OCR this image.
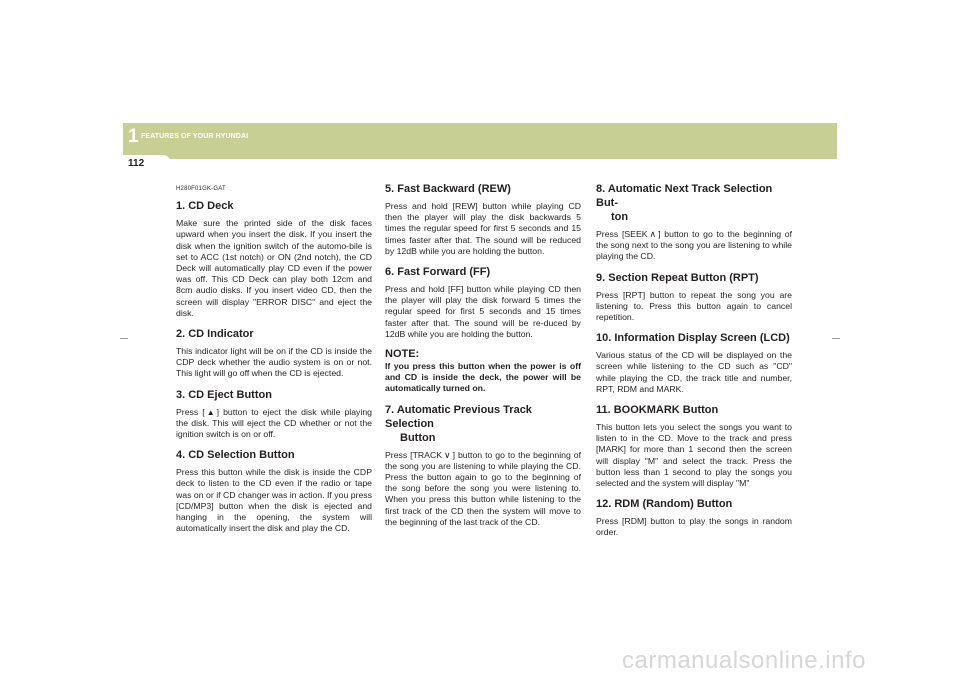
1 FEATURES OF YOUR HYUNDAI
112
H280F01GK-GAT
1. CD Deck

Make sure the printed side of the disk faces upward when you insert the disk. If you insert the disk when the ignition switch of the automo-bile is set to ACC (1st notch) or ON (2nd notch), the CD Deck will automatically play CD even if the power was off. This CD Deck can play both 12cm and 8cm audio disks. If you insert video CD, then the screen will display "ERROR DISC" and eject the disk.

2. CD Indicator

This indicator light will be on if the CD is inside the CDP deck whether the audio system is on or not. This light will go off when the CD is ejected.

3. CD Eject Button

Press [ ▲ ] button to eject the disk while playing the disk. This will eject the CD whether or not the ignition switch is on or off.

4. CD Selection Button

Press this button while the disk is inside the CDP deck to listen to the CD even if the radio or tape was on or if CD changer was in action. If you press [CD/MP3] button when the disk is ejected and hanging in the opening, the system will automatically insert the disk and play the CD.

5. Fast Backward (REW)

Press and hold [REW] button while playing CD then the player will play the disk backwards 5 times the regular speed for first 5 seconds and 15 times faster after that. The sound will be reduced by 12dB while you are holding the button.

6. Fast Forward (FF)

Press and hold [FF] button while playing CD then the player will play the disk forward 5 times the regular speed for first 5 seconds and 15 times faster after that. The sound will be re-duced by 12dB while you are holding the button.

NOTE:

If you press this button when the power is off and CD is inside the deck, the power will be automatically turned on.

7. Automatic Previous Track Selection
Button

Press [TRACK ∨ ] button to go to the beginning of the song you are listening to while playing the CD. Press the button again to go to the beginning of the song before the song you were listening to. When you press this button while listening to the first track of the CD then the system will move to the beginning of the last track of the CD.

8. Automatic Next Track Selection But-
ton

Press [SEEK ∧ ] button to go to the beginning of the song next to the song you are listening to while playing the CD.

9. Section Repeat Button (RPT)

Press [RPT] button to repeat the song you are listening to. Press this button again to cancel repetition.

10. Information Display Screen (LCD)

Various status of the CD will be displayed on the screen while listening to the CD such as "CD" while playing the CD, the track title and number, RPT, RDM and MARK.

11. BOOKMARK Button

This button lets you select the songs you want to listen to in the CD. Move to the track and press [MARK] for more than 1 second then the screen will display "M" and select the track. Press the button less than 1 second to play the songs you selected and the system will display "M"

12. RDM (Random) Button

Press [RDM] button to play the songs in random order.

carmanualsonline.info
